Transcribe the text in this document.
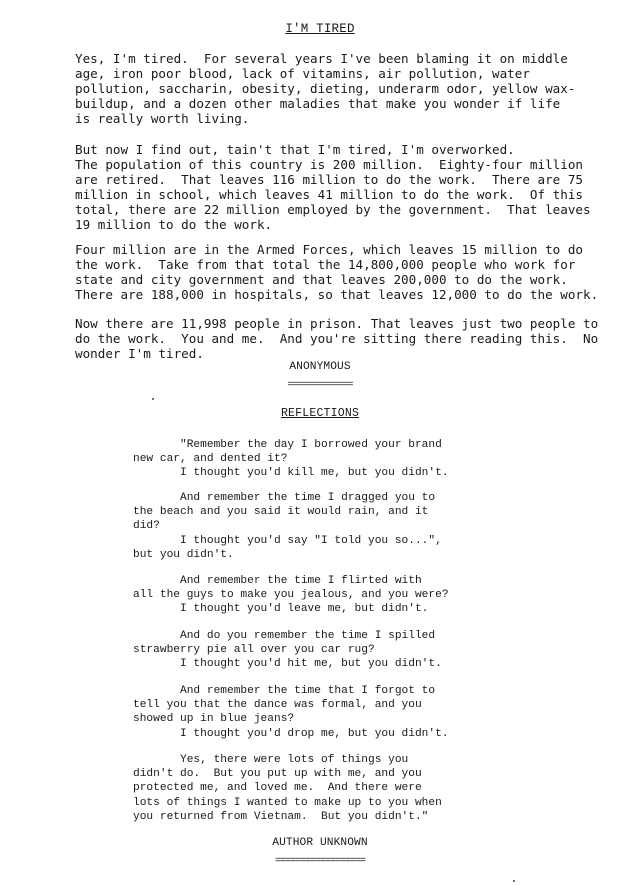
I'M TIRED
Yes, I'm tired.  For several years I've been blaming it on middle
age, iron poor blood, lack of vitamins, air pollution, water
pollution, saccharin, obesity, dieting, underarm odor, yellow wax-
buildup, and a dozen other maladies that make you wonder if life
is really worth living.
But now I find out, tain't that I'm tired, I'm overworked.
The population of this country is 200 million.  Eighty-four million
are retired.  That leaves 116 million to do the work.  There are 75
million in school, which leaves 41 million to do the work.  Of this
total, there are 22 million employed by the government.  That leaves
19 million to do the work.
Four million are in the Armed Forces, which leaves 15 million to do
the work.  Take from that total the 14,800,000 people who work for
state and city government and that leaves 200,000 to do the work.
There are 188,000 in hospitals, so that leaves 12,000 to do the work.
Now there are 11,998 people in prison. That leaves just two people to
do the work.  You and me.  And you're sitting there reading this.  No
wonder I'm tired.
ANONYMOUS
=============
REFLECTIONS
"Remember the day I borrowed your brand
new car, and dented it?
I thought you'd kill me, but you didn't.
And remember the time I dragged you to
the beach and you said it would rain, and it
did?
I thought you'd say "I told you so...",
but you didn't.
And remember the time I flirted with
all the guys to make you jealous, and you were?
I thought you'd leave me, but didn't.
And do you remember the time I spilled
strawberry pie all over you car rug?
I thought you'd hit me, but you didn't.
And remember the time that I forgot to
tell you that the dance was formal, and you
showed up in blue jeans?
I thought you'd drop me, but you didn't.
Yes, there were lots of things you
didn't do.  But you put up with me, and you
protected me, and loved me.  And there were
lots of things I wanted to make up to you when
you returned from Vietnam.  But you didn't."
AUTHOR UNKNOWN
==================
